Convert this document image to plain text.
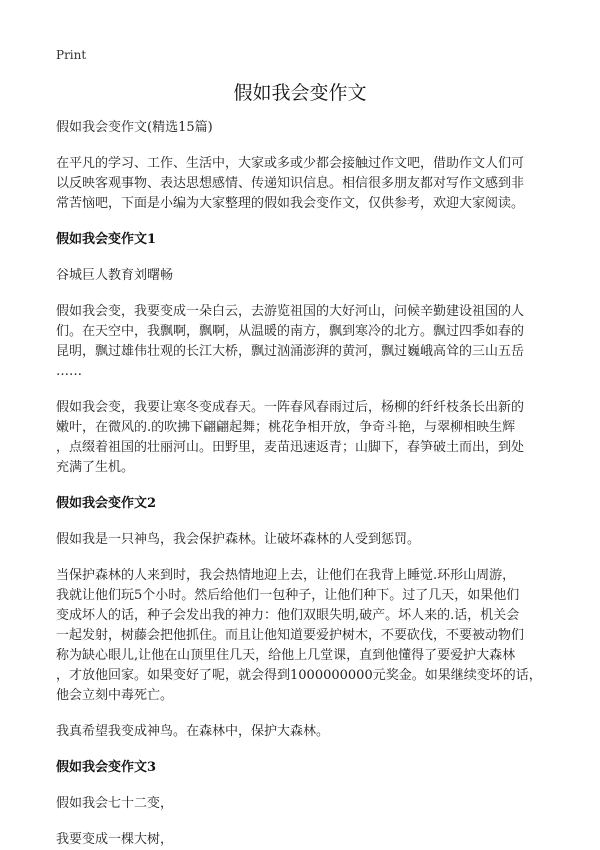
Print
假如我会变作文

假如我会变作文(精选15篇)

在平凡的学习、工作、生活中，大家或多或少都会接触过作文吧，借助作文人们可
以反映客观事物、表达思想感情、传递知识信息。相信很多朋友都对写作文感到非
常苦恼吧，下面是小编为大家整理的假如我会变作文，仅供参考，欢迎大家阅读。

假如我会变作文1

谷城巨人教育刘曙畅

假如我会变，我要变成一朵白云，去游览祖国的大好河山，问候辛勤建设祖国的人
们。在天空中，我飘啊，飘啊，从温暖的南方，飘到寒冷的北方。飘过四季如春的
昆明，飘过雄伟壮观的长江大桥，飘过汹涌澎湃的黄河，飘过巍峨高耸的三山五岳
……

假如我会变，我要让寒冬变成春天。一阵春风春雨过后，杨柳的纤纤枝条长出新的
嫩叶，在微风的.的吹拂下翩翩起舞；桃花争相开放，争奇斗艳，与翠柳相映生辉
，点缀着祖国的壮丽河山。田野里，麦苗迅速返青；山脚下，春笋破土而出，到处
充满了生机。

假如我会变作文2

假如我是一只神鸟，我会保护森林。让破坏森林的人受到惩罚。

当保护森林的人来到时，我会热情地迎上去，让他们在我背上睡觉.环形山周游，
我就让他们玩5个小时。然后给他们一包种子，让他们种下。过了几天，如果他们
变成坏人的话，种子会发出我的神力：他们双眼失明,破产。坏人来的.话，机关会
一起发射，树藤会把他抓住。而且让他知道要爱护树木，不要砍伐，不要被动物们
称为缺心眼儿,让他在山顶里住几天，给他上几堂课，直到他懂得了要爱护大森林
，才放他回家。如果变好了呢，就会得到1000000000元奖金。如果继续变坏的话，
他会立刻中毒死亡。

我真希望我变成神鸟。在森林中，保护大森林。

假如我会变作文3

假如我会七十二变，

我要变成一棵大树，
